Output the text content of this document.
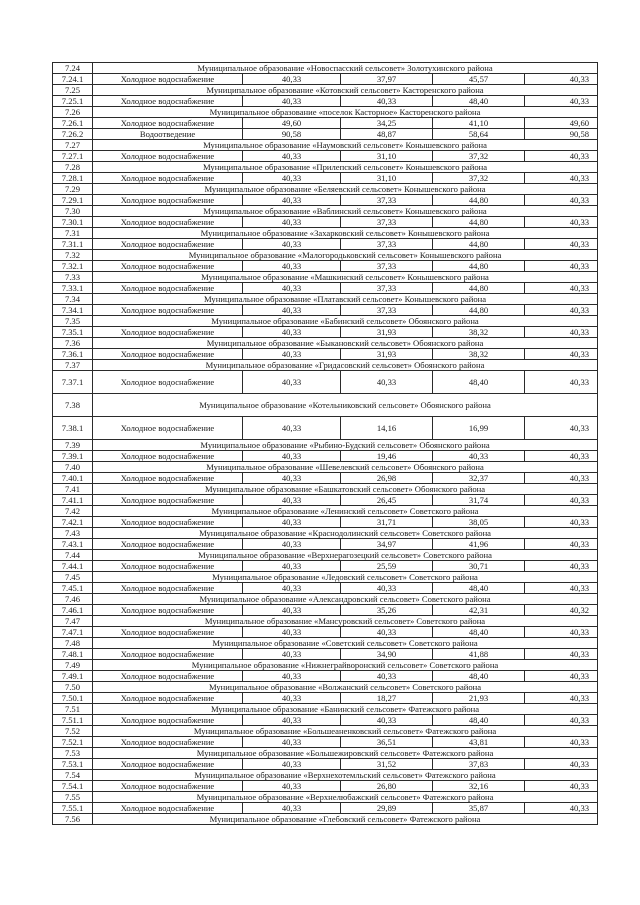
7.24	Муниципальное образование «Новоспасский сельсовет» Золотухинского района				
7.24.1	Холодное водоснабжение	40,33	37,97	45,57	40,33
7.25	Муниципальное образование «Котовский сельсовет» Касторенского района				
7.25.1	Холодное водоснабжение	40,33	40,33	48,40	40,33
7.26	Муниципальное образование «поселок Касторное» Касторенского района				
7.26.1	Холодное водоснабжение	49,60	34,25	41,10	49,60
7.26.2	Водоотведение	90,58	48,87	58,64	90,58
7.27	Муниципальное образование «Наумовский сельсовет» Конышевского района				
7.27.1	Холодное водоснабжение	40,33	31,10	37,32	40,33
7.28	Муниципальное образование «Прилепский сельсовет» Конышевского района				
7.28.1	Холодное водоснабжение	40,33	31,10	37,32	40,33
7.29	Муниципальное образование «Беляевский сельсовет» Конышевского района				
7.29.1	Холодное водоснабжение	40,33	37,33	44,80	40,33
7.30	Муниципальное образование «Ваблинский сельсовет» Конышевского района				
7.30.1	Холодное водоснабжение	40,33	37,33	44,80	40,33
7.31	Муниципальное образование «Захарковский сельсовет» Конышевского района				
7.31.1	Холодное водоснабжение	40,33	37,33	44,80	40,33
7.32	Муниципальное образование «Малогородьковский сельсовет» Конышевского района				
7.32.1	Холодное водоснабжение	40,33	37,33	44,80	40,33
7.33	Муниципальное образование «Машкинский сельсовет» Конышевского района				
7.33.1	Холодное водоснабжение	40,33	37,33	44,80	40,33
7.34	Муниципальное образование «Платавский сельсовет» Конышевского района				
7.34.1	Холодное водоснабжение	40,33	37,33	44,80	40,33
7.35	Муниципальное образование «Бабинский сельсовет» Обоянского района				
7.35.1	Холодное водоснабжение	40,33	31,93	38,32	40,33
7.36	Муниципальное образование «Быкановский сельсовет» Обоянского района				
7.36.1	Холодное водоснабжение	40,33	31,93	38,32	40,33
7.37	Муниципальное образование «Гридасовский сельсовет» Обоянского района				
7.37.1	Холодное водоснабжение	40,33	40,33	48,40	40,33
7.38	Муниципальное образование «Котельниковский сельсовет» Обоянского района				
7.38.1	Холодное водоснабжение	40,33	14,16	16,99	40,33
7.39	Муниципальное образование «Рыбино-Будский сельсовет» Обоянского района				
7.39.1	Холодное водоснабжение	40,33	19,46	40,33	40,33
7.40	Муниципальное образование «Шевелевский сельсовет» Обоянского района				
7.40.1	Холодное водоснабжение	40,33	26,98	32,37	40,33
7.41	Муниципальное образование «Башкатовский сельсовет» Обоянского района				
7.41.1	Холодное водоснабжение	40,33	26,45	31,74	40,33
7.42	Муниципальное образование «Ленинский сельсовет» Советского района				
7.42.1	Холодное водоснабжение	40,33	31,71	38,05	40,33
7.43	Муниципальное образование «Краснодолинский сельсовет» Советского района				
7.43.1	Холодное водоснабжение	40,33	34,97	41,96	40,33
7.44	Муниципальное образование «Верхнерагозецкий сельсовет» Советского района				
7.44.1	Холодное водоснабжение	40,33	25,59	30,71	40,33
7.45	Муниципальное образование «Ледовский сельсовет» Советского района				
7.45.1	Холодное водоснабжение	40,33	40,33	48,40	40,33
7.46	Муниципальное образование «Александровский сельсовет» Советского района				
7.46.1	Холодное водоснабжение	40,33	35,26	42,31	40,32
7.47	Муниципальное образование «Мансуровский сельсовет» Советского района				
7.47.1	Холодное водоснабжение	40,33	40,33	48,40	40,33
7.48	Муниципальное образование «Советский сельсовет» Советского района				
7.48.1	Холодное водоснабжение	40,33	34,90	41,88	40,33
7.49	Муниципальное образование «Нижнеграйворонский сельсовет» Советского района				
7.49.1	Холодное водоснабжение	40,33	40,33	48,40	40,33
7.50	Муниципальное образование «Волжанский сельсовет» Советского района				
7.50.1	Холодное водоснабжение	40,33	18,27	21,93	40,33
7.51	Муниципальное образование «Банинский сельсовет» Фатежского района				
7.51.1	Холодное водоснабжение	40,33	40,33	48,40	40,33
7.52	Муниципальное образование «Большеаненковский сельсовет» Фатежского района				
7.52.1	Холодное водоснабжение	40,33	36,51	43,81	40,33
7.53	Муниципальное образование «Большежировский сельсовет» Фатежского района				
7.53.1	Холодное водоснабжение	40,33	31,52	37,83	40,33
7.54	Муниципальное образование «Верхнехотемльский сельсовет» Фатежского района				
7.54.1	Холодное водоснабжение	40,33	26,80	32,16	40,33
7.55	Муниципальное образование «Верхнелюбажский сельсовет» Фатежского района				
7.55.1	Холодное водоснабжение	40,33	29,89	35,87	40,33
7.56	Муниципальное образование «Глебовский сельсовет» Фатежского района				
